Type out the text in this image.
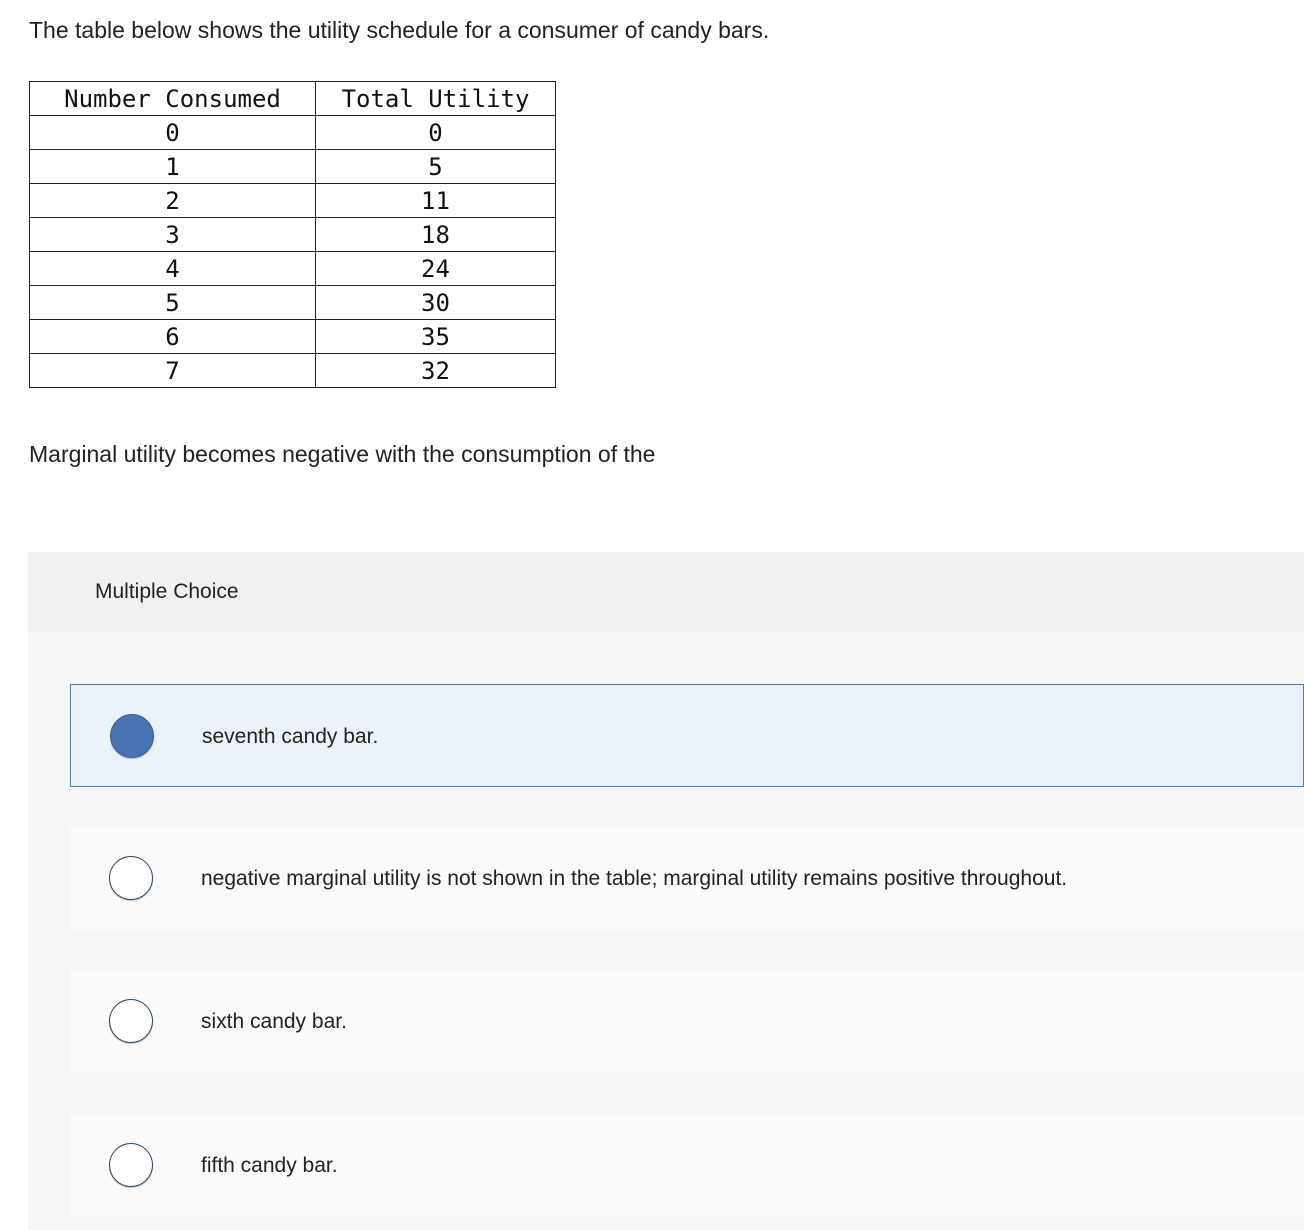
The table below shows the utility schedule for a consumer of candy bars.
Number Consumed	Total Utility
0	0
1	5
2	11
3	18
4	24
5	30
6	35
7	32
Marginal utility becomes negative with the consumption of the
Multiple Choice
seventh candy bar.
negative marginal utility is not shown in the table; marginal utility remains positive throughout.
sixth candy bar.
fifth candy bar.
